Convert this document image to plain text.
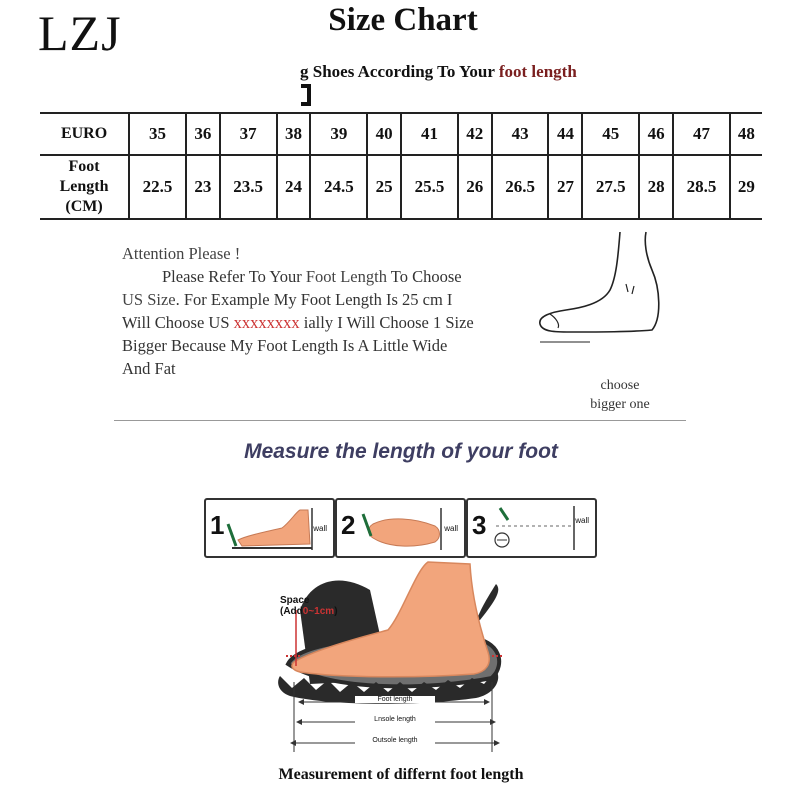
LZJ	Size Chart
g Shoes According To Your foot length
EURO	35	36	37	38	39	40	41	42	43	44	45	46	47	48
Foot
Length
(CM)	22.5	23	23.5	24	24.5	25	25.5	26	26.5	27	27.5	28	28.5	29
Attention Please !
Please Refer To Your Foot Length To Choose
US Size. For Example My Foot Length Is 25 cm I
Will Choose US xxxxxxxx ially I Will Choose 1 Size
Bigger Because My Foot Length Is A Little Wide
And Fat
choose
bigger one
Measure the length of your foot
1	wall 2	wall 3	wall
Space
(Add0~1cm)
Foot length
Lnsole length
Outsole length
Measurement of differnt foot length
